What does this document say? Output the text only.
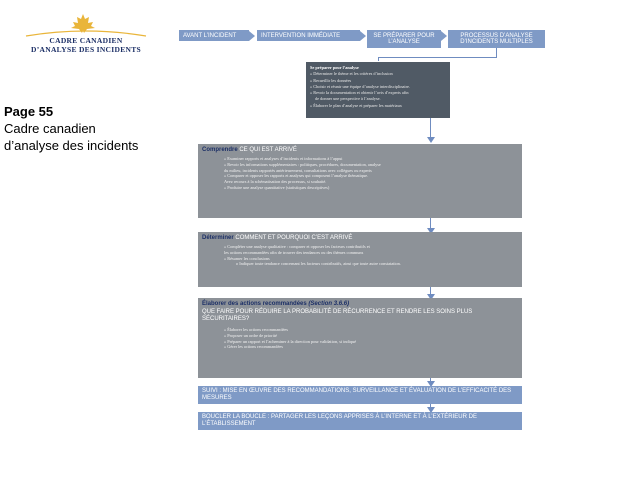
CADRE CANADIEN
D’ANALYSE DES INCIDENTS
Page 55
Cadre canadien
d’analyse des incidents
AVANT L’INCIDENT	INTERVENTION IMMÉDIATE	SE PRÉPARER POUR L’ANALYSE
PROCESSUS D’ANALYSE D’INCIDENTS MULTIPLES
Se préparer pour l’analyse
» Déterminer le thème et les critères d’inclusion
» Recueillir les données
» Choisir et réunir une équipe d’analyse interdisciplinaire.
» Revoir la documentation et obtenir l’avis d’experts afin
de donner une perspective à l’analyse.
» Élaborer le plan d’analyse et préparer les matériaux
Comprendre CE QUI EST ARRIVÉ
» Examiner rapports et analyses d’incidents et informations à l’appui
» Revoir les informations supplémentaires : politiques, procédures, documentation, analyse
du milieu, incidents rapportés antérieurement, consultations avec collègues ou experts
» Comparer et opposer les rapports et analyses qui composent l’analyse thématique.
Avez recours à la schématisation des processus, si souhaité.
» Produire une analyse quantitative (statistiques descriptives)
Déterminer COMMENT ET POURQUOI C’EST ARRIVÉ
» Compléter une analyse qualitative : comparer et opposer les facteurs contributifs et
les actions recommandées afin de trouver des tendances ou des thèmes communs
» Résumer les conclusions
o Indiquer toute tendance concernant les facteurs contributifs, ainsi que toute autre constatation.
Élaborer des actions recommandées (Section 3.6.6)
QUE FAIRE POUR RÉDUIRE LA PROBABILITÉ DE RÉCURRENCE ET RENDRE LES SOINS PLUS SÉCURITAIRES?
» Élaborer les actions recommandées
» Proposer un ordre de priorité
» Préparer un rapport et l’acheminer à la direction pour validation, si indiqué
» Gérer les actions recommandées
SUIVI : MISE EN ŒUVRE DES RECOMMANDATIONS, SURVEILLANCE ET ÉVALUATION DE L’EFFICACITÉ DES MESURES
BOUCLER LA BOUCLE : PARTAGER LES LEÇONS APPRISES À L’INTERNE ET À L’EXTÉRIEUR DE L’ÉTABLISSEMENT
